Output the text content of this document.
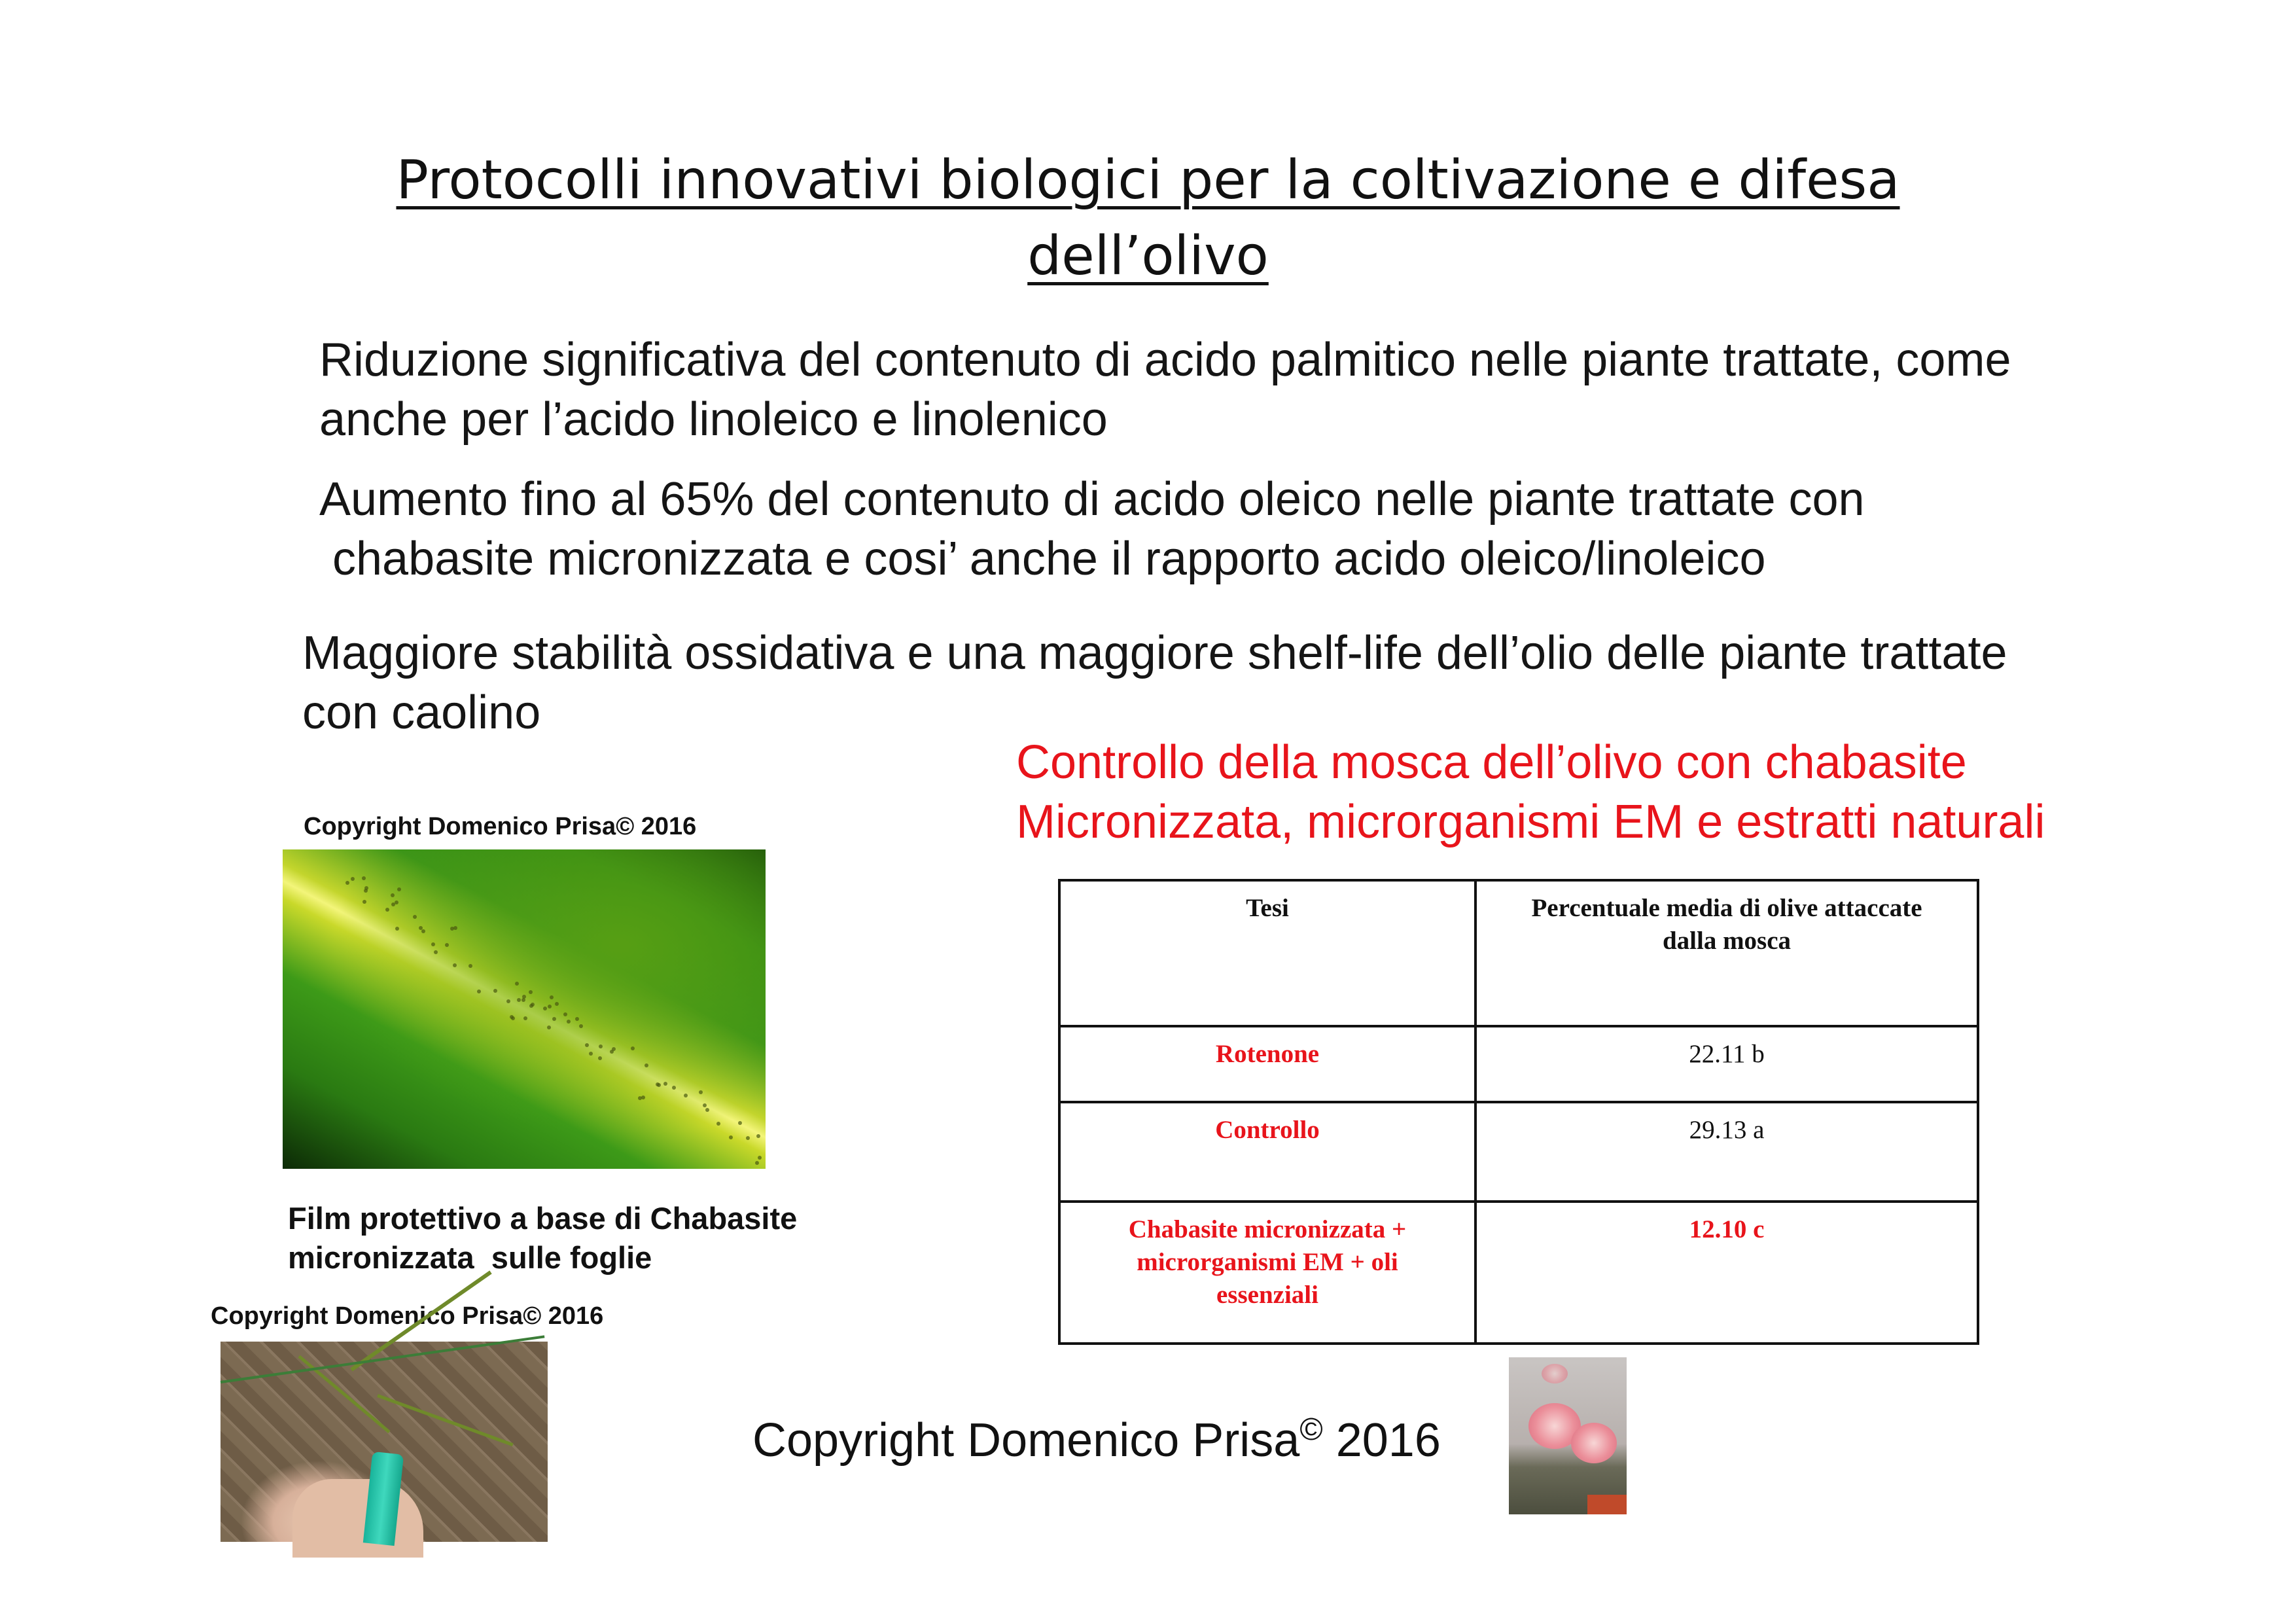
Protocolli innovativi biologici per la coltivazione e difesa
dell’olivo
Riduzione significativa del contenuto di acido palmitico nelle piante trattate, come
anche per l’acido linoleico e linolenico
Aumento fino al 65% del contenuto di acido oleico nelle piante trattate con
chabasite micronizzata e cosi’ anche il rapporto acido oleico/linoleico
Maggiore stabilità ossidativa e una maggiore shelf-life dell’olio delle piante trattate
con caolino
Controllo della mosca dell’olivo con chabasite
Micronizzata, microrganismi EM e estratti naturali
Copyright Domenico Prisa© 2016
Film protettivo a base di Chabasite
micronizzata  sulle foglie
Copyright Domenico Prisa© 2016
Tesi	Percentuale media di olive attaccate
dalla mosca
Rotenone	22.11 b
Controllo	29.13 a
Chabasite micronizzata +
microrganismi EM + oli
essenziali	12.10 c
Copyright Domenico Prisa© 2016
